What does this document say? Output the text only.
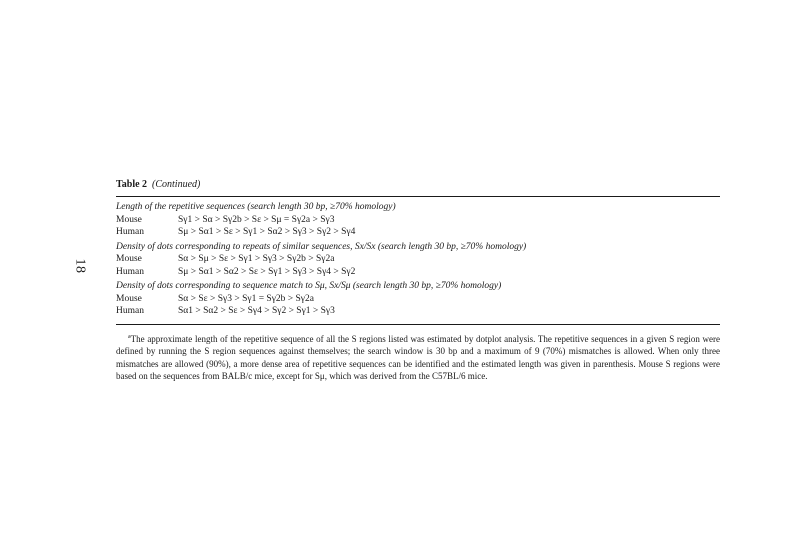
18
Table 2 (Continued)
Length of the repetitive sequences (search length 30 bp, ≥70% homology)
Mouse	Sγ1 > Sα > Sγ2b > Sε > Sμ = Sγ2a > Sγ3
Human	Sμ > Sα1 > Sε > Sγ1 > Sα2 > Sγ3 > Sγ2 > Sγ4
Density of dots corresponding to repeats of similar sequences, Sx/Sx (search length 30 bp, ≥70% homology)
Mouse	Sα > Sμ > Sε > Sγ1 > Sγ3 > Sγ2b > Sγ2a
Human	Sμ > Sα1 > Sα2 > Sε > Sγ1 > Sγ3 > Sγ4 > Sγ2
Density of dots corresponding to sequence match to Sμ, Sx/Sμ (search length 30 bp, ≥70% homology)
Mouse	Sα > Sε > Sγ3 > Sγ1 = Sγ2b > Sγ2a
Human	Sα1 > Sα2 > Sε > Sγ4 > Sγ2 > Sγ1 > Sγ3
$^a$The approximate length of the repetitive sequence of all the S regions listed was estimated by dotplot analysis. The repetitive sequences in a given S region were defined by running the S region sequences against themselves; the search window is 30 bp and a maximum of 9 (70%) mismatches is allowed. When only three mismatches are allowed (90%), a more dense area of repetitive sequences can be identified and the estimated length was given in parenthesis. Mouse S regions were based on the sequences from BALB/c mice, except for Sμ, which was derived from the C57BL/6 mice.
